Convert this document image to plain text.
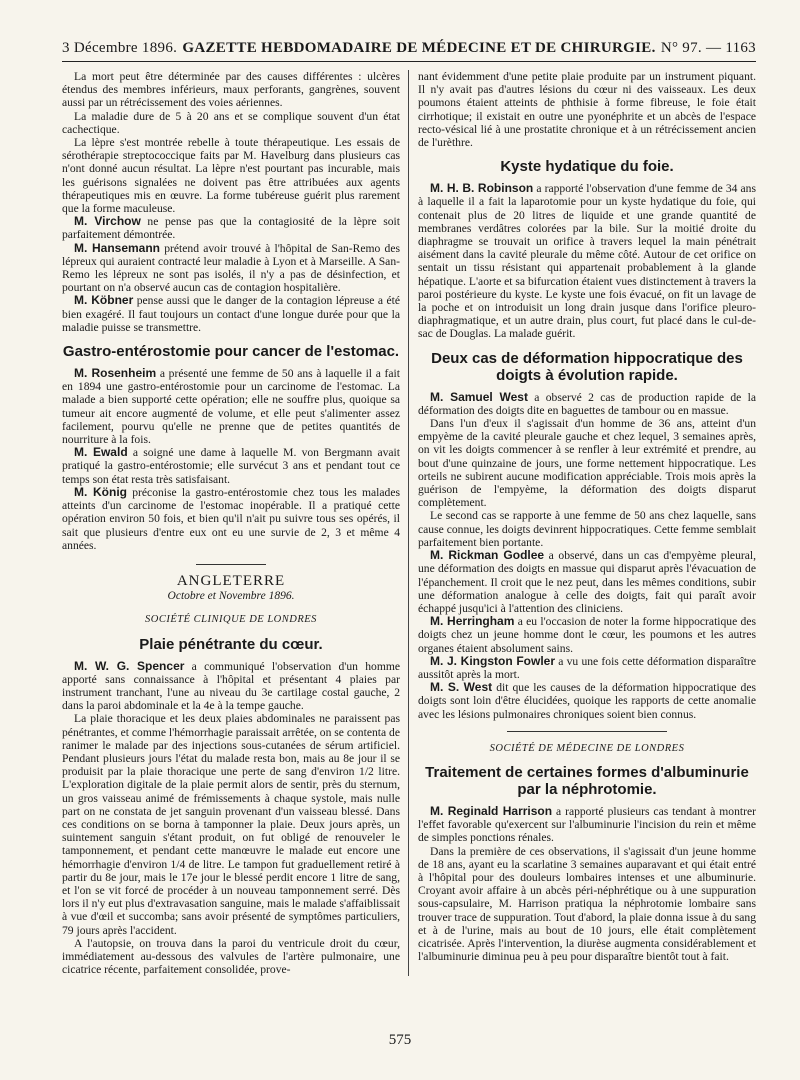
3 Décembre 1896. GAZETTE HEBDOMADAIRE DE MÉDECINE ET DE CHIRURGIE. N° 97. — 1163

La mort peut être déterminée par des causes différentes : ulcères étendus des membres inférieurs, maux perforants, gangrènes, souvent aussi par un rétrécissement des voies aériennes.

La maladie dure de 5 à 20 ans et se complique souvent d'un état cachectique.

La lèpre s'est montrée rebelle à toute thérapeutique. Les essais de sérothérapie streptococcique faits par M. Havelburg dans plusieurs cas n'ont donné aucun résultat. La lèpre n'est pourtant pas incurable, mais les guérisons signalées ne doivent pas être attribuées aux agents thérapeutiques mis en œuvre. La forme tubéreuse guérit plus rarement que la forme maculeuse.

M. Virchow ne pense pas que la contagiosité de la lèpre soit parfaitement démontrée.

M. Hansemann prétend avoir trouvé à l'hôpital de San-Remo des lépreux qui auraient contracté leur maladie à Lyon et à Marseille. A San-Remo les lépreux ne sont pas isolés, il n'y a pas de désinfection, et pourtant on n'a observé aucun cas de contagion hospitalière.

M. Köbner pense aussi que le danger de la contagion lépreuse a été bien exagéré. Il faut toujours un contact d'une longue durée pour que la maladie puisse se transmettre.

Gastro-entérostomie pour cancer de l'estomac.

M. Rosenheim a présenté une femme de 50 ans à laquelle il a fait en 1894 une gastro-entérostomie pour un carcinome de l'estomac. La malade a bien supporté cette opération; elle ne souffre plus, quoique sa tumeur ait encore augmenté de volume, et elle peut s'alimenter assez facilement, pourvu qu'elle ne prenne que de petites quantités de nourriture à la fois.

M. Ewald a soigné une dame à laquelle M. von Bergmann avait pratiqué la gastro-entérostomie; elle survécut 3 ans et pendant tout ce temps son état resta très satisfaisant.

M. König préconise la gastro-entérostomie chez tous les malades atteints d'un carcinome de l'estomac inopérable. Il a pratiqué cette opération environ 50 fois, et bien qu'il n'ait pu suivre tous ses opérés, il sait que plusieurs d'entre eux ont eu une survie de 2, 3 et même 4 années.

ANGLETERRE
Octobre et Novembre 1896.
SOCIÉTÉ CLINIQUE DE LONDRES
Plaie pénétrante du cœur.

M. W. G. Spencer a communiqué l'observation d'un homme apporté sans connaissance à l'hôpital et présentant 4 plaies par instrument tranchant, l'une au niveau du 3e cartilage costal gauche, 2 dans la paroi abdominale et la 4e à la tempe gauche.

La plaie thoracique et les deux plaies abdominales ne paraissent pas pénétrantes, et comme l'hémorrhagie paraissait arrêtée, on se contenta de ranimer le malade par des injections sous-cutanées de sérum artificiel. Pendant plusieurs jours l'état du malade resta bon, mais au 8e jour il se produisit par la plaie thoracique une perte de sang d'environ 1/2 litre. L'exploration digitale de la plaie permit alors de sentir, près du sternum, un gros vaisseau animé de frémissements à chaque systole, mais nulle part on ne constata de jet sanguin provenant d'un vaisseau blessé. Dans ces conditions on se borna à tamponner la plaie. Deux jours après, un suintement sanguin s'étant produit, on fut obligé de renouveler le tamponnement, et pendant cette manœuvre le malade eut encore une hémorrhagie d'environ 1/4 de litre. Le tampon fut graduellement retiré à partir du 8e jour, mais le 17e jour le blessé perdit encore 1 litre de sang, et l'on se vit forcé de procéder à un nouveau tamponnement serré. Dès lors il n'y eut plus d'extravasation sanguine, mais le malade s'affaiblissait à vue d'œil et succomba; sans avoir présenté de symptômes particuliers, 79 jours après l'accident.

A l'autopsie, on trouva dans la paroi du ventricule droit du cœur, immédiatement au-dessous des valvules de l'artère pulmonaire, une cicatrice récente, parfaitement consolidée, prove-

nant évidemment d'une petite plaie produite par un instrument piquant. Il n'y avait pas d'autres lésions du cœur ni des vaisseaux. Les deux poumons étaient atteints de phthisie à forme fibreuse, le foie était cirrhotique; il existait en outre une pyonéphrite et un abcès de l'espace recto-vésical lié à une prostatite chronique et à un rétrécissement ancien de l'urèthre.

Kyste hydatique du foie.

M. H. B. Robinson a rapporté l'observation d'une femme de 34 ans à laquelle il a fait la laparotomie pour un kyste hydatique du foie, qui contenait plus de 20 litres de liquide et une grande quantité de membranes verdâtres colorées par la bile. Sur la moitié droite du diaphragme se trouvait un orifice à travers lequel la main pénétrait aisément dans la cavité pleurale du même côté. Autour de cet orifice on sentait un tissu résistant qui appartenait probablement à la glande hépatique. L'aorte et sa bifurcation étaient vues distinctement à travers la paroi postérieure du kyste. Le kyste une fois évacué, on fit un lavage de la poche et on introduisit un long drain jusque dans l'orifice pleuro-diaphragmatique, et un autre drain, plus court, fut placé dans le cul-de-sac de Douglas. La malade guérit.

Deux cas de déformation hippocratique des doigts à évolution rapide.

M. Samuel West a observé 2 cas de production rapide de la déformation des doigts dite en baguettes de tambour ou en massue.

Dans l'un d'eux il s'agissait d'un homme de 36 ans, atteint d'un empyème de la cavité pleurale gauche et chez lequel, 3 semaines après, on vit les doigts commencer à se renfler à leur extrémité et prendre, au bout d'une quinzaine de jours, une forme nettement hippocratique. Les orteils ne subirent aucune modification appréciable. Trois mois après la guérison de l'empyème, la déformation des doigts disparut complètement.

Le second cas se rapporte à une femme de 50 ans chez laquelle, sans cause connue, les doigts devinrent hippocratiques. Cette femme semblait parfaitement bien portante.

M. Rickman Godlee a observé, dans un cas d'empyème pleural, une déformation des doigts en massue qui disparut après l'évacuation de l'épanchement. Il croit que le nez peut, dans les mêmes conditions, subir une déformation analogue à celle des doigts, fait qui paraît avoir échappé jusqu'ici à l'attention des cliniciens.

M. Herringham a eu l'occasion de noter la forme hippocratique des doigts chez un jeune homme dont le cœur, les poumons et les autres organes étaient absolument sains.

M. J. Kingston Fowler a vu une fois cette déformation disparaître aussitôt après la mort.

M. S. West dit que les causes de la déformation hippocratique des doigts sont loin d'être élucidées, quoique les rapports de cette anomalie avec les lésions pulmonaires chroniques soient bien connus.

SOCIÉTÉ DE MÉDECINE DE LONDRES
Traitement de certaines formes d'albuminurie par la néphrotomie.

M. Reginald Harrison a rapporté plusieurs cas tendant à montrer l'effet favorable qu'exercent sur l'albuminurie l'incision du rein et même de simples ponctions rénales.

Dans la première de ces observations, il s'agissait d'un jeune homme de 18 ans, ayant eu la scarlatine 3 semaines auparavant et qui était entré à l'hôpital pour des douleurs lombaires intenses et une albuminurie. Croyant avoir affaire à un abcès péri-néphrétique ou à une suppuration sous-capsulaire, M. Harrison pratiqua la néphrotomie lombaire sans trouver trace de suppuration. Tout d'abord, la plaie donna issue à du sang et à de l'urine, mais au bout de 10 jours, elle était complètement cicatrisée. Après l'intervention, la diurèse augmenta considérablement et l'albuminurie diminua peu à peu pour disparaître bientôt tout à fait.

575
